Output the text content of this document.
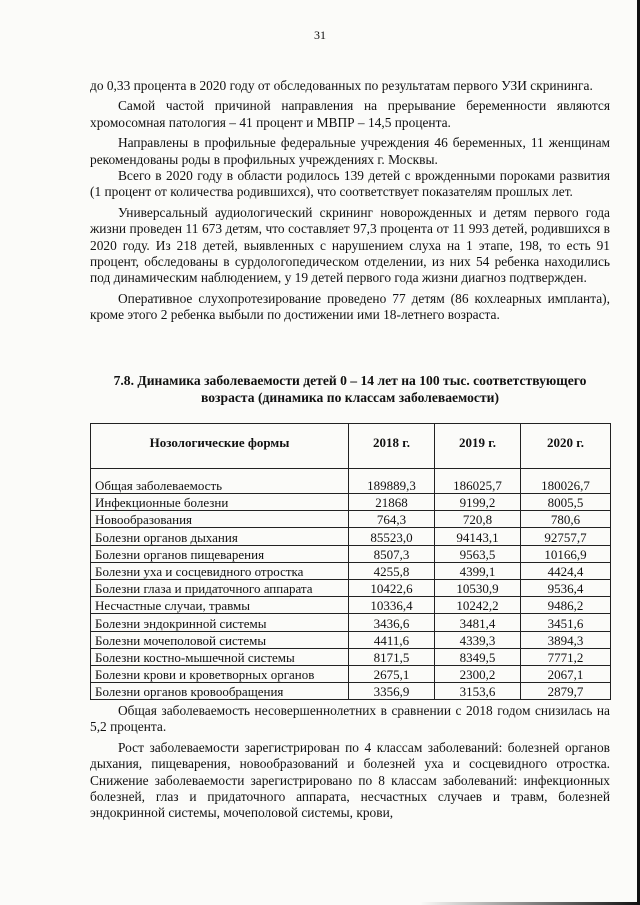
31

до 0,33 процента в 2020 году от обследованных по результатам первого УЗИ скрининга.

Самой частой причиной направления на прерывание беременности являются хромосомная патология – 41 процент и МВПР – 14,5 процента.

Направлены в профильные федеральные учреждения 46 беременных, 11 женщинам рекомендованы роды в профильных учреждениях г. Москвы.

Всего в 2020 году в области родилось 139 детей с врожденными пороками развития (1 процент от количества родившихся), что соответствует показателям прошлых лет.

Универсальный аудиологический скрининг новорожденных и детям первого года жизни проведен 11 673 детям, что составляет 97,3 процента от 11 993 детей, родившихся в 2020 году. Из 218 детей, выявленных с нарушением слуха на 1 этапе, 198, то есть 91 процент, обследованы в сурдологопедическом отделении, из них 54 ребенка находились под динамическим наблюдением, у 19 детей первого года жизни диагноз подтвержден.

Оперативное слухопротезирование проведено 77 детям (86 кохлеарных импланта), кроме этого 2 ребенка выбыли по достижении ими 18-летнего возраста.

7.8. Динамика заболеваемости детей 0 – 14 лет на 100 тыс. соответствующего возраста (динамика по классам заболеваемости)
Нозологические формы	2018 г.	2019 г.	2020 г.
Общая заболеваемость	189889,3	186025,7	180026,7
Инфекционные болезни	21868	9199,2	8005,5
Новообразования	764,3	720,8	780,6
Болезни органов дыхания	85523,0	94143,1	92757,7
Болезни органов пищеварения	8507,3	9563,5	10166,9
Болезни уха и сосцевидного отростка	4255,8	4399,1	4424,4
Болезни глаза и придаточного аппарата	10422,6	10530,9	9536,4
Несчастные случаи, травмы	10336,4	10242,2	9486,2
Болезни эндокринной системы	3436,6	3481,4	3451,6
Болезни мочеполовой системы	4411,6	4339,3	3894,3
Болезни костно-мышечной системы	8171,5	8349,5	7771,2
Болезни крови и кроветворных органов	2675,1	2300,2	2067,1
Болезни органов кровообращения	3356,9	3153,6	2879,7

Общая заболеваемость несовершеннолетних в сравнении с 2018 годом снизилась на 5,2 процента.

Рост заболеваемости зарегистрирован по 4 классам заболеваний: болезней органов дыхания, пищеварения, новообразований и болезней уха и сосцевидного отростка. Снижение заболеваемости зарегистрировано по 8 классам заболеваний: инфекционных болезней, глаз и придаточного аппарата, несчастных случаев и травм, болезней эндокринной системы, мочеполовой системы, крови,
